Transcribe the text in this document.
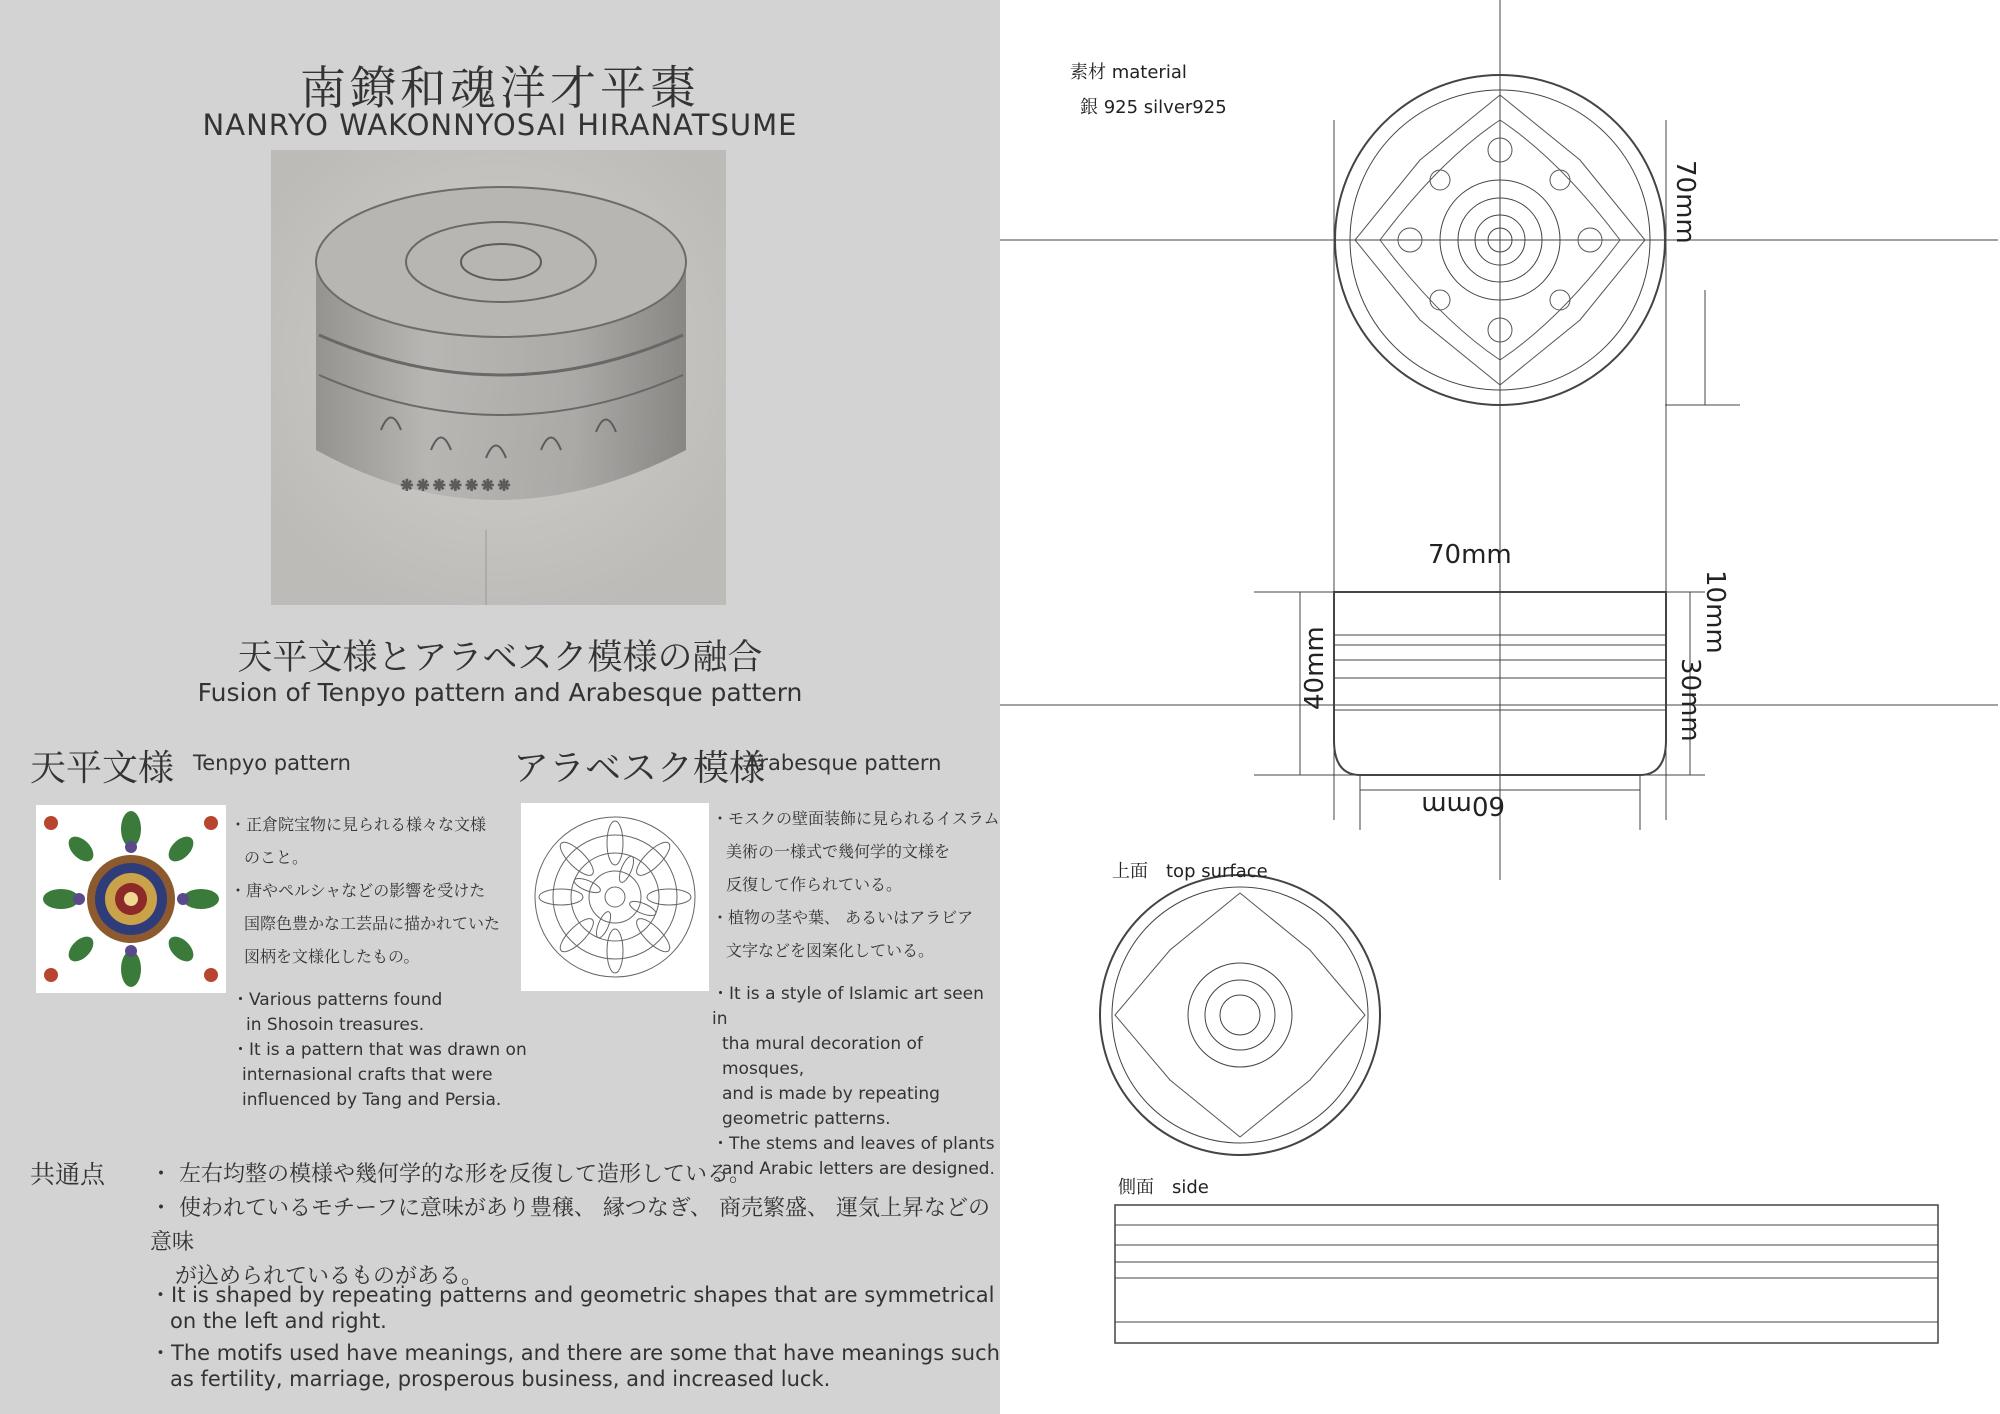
南鐐和魂洋才平棗
NANRYO WAKONNYOSAI HIRANATSUME
✳ ✳ ✳ ✳ ✳ ✳ ✳
天平文様とアラベスク模様の融合
Fusion of Tenpyo pattern and Arabesque pattern
天平文様 Tenpyo pattern
・正倉院宝物に見られる様々な文様
のこと。
・唐やペルシャなどの影響を受けた
国際色豊かな工芸品に描かれていた
図柄を文様化したもの。
・Various patterns found
in Shosoin treasures.
・It is a pattern that was drawn on
internasional crafts that were
influenced by Tang and Persia.
アラベスク模様
Arabesque pattern
・モスクの壁面装飾に見られるイスラム
美術の一様式で幾何学的文様を
反復して作られている。
・植物の茎や葉、 あるいはアラビア
文字などを図案化している。
・It is a style of Islamic art seen in
tha mural decoration of mosques,
and is made by repeating
geometric patterns.
・The stems and leaves of plants
and Arabic letters are designed.
共通点 ・ 左右均整の模様や幾何学的な形を反復して造形している。
・ 使われているモチーフに意味があり豊穣、 縁つなぎ、 商売繁盛、 運気上昇などの意味
が込められているものがある。
・It is shaped by repeating patterns and geometric shapes that are symmetrical
on the left and right.
・The motifs used have meanings, and there are some that have meanings such
as fertility, marriage, prosperous business, and increased luck.
素材 material
銀 925 silver925
70mm
70mm
10mm
40mm	30mm
60mm
上面　top surface
側面　side
